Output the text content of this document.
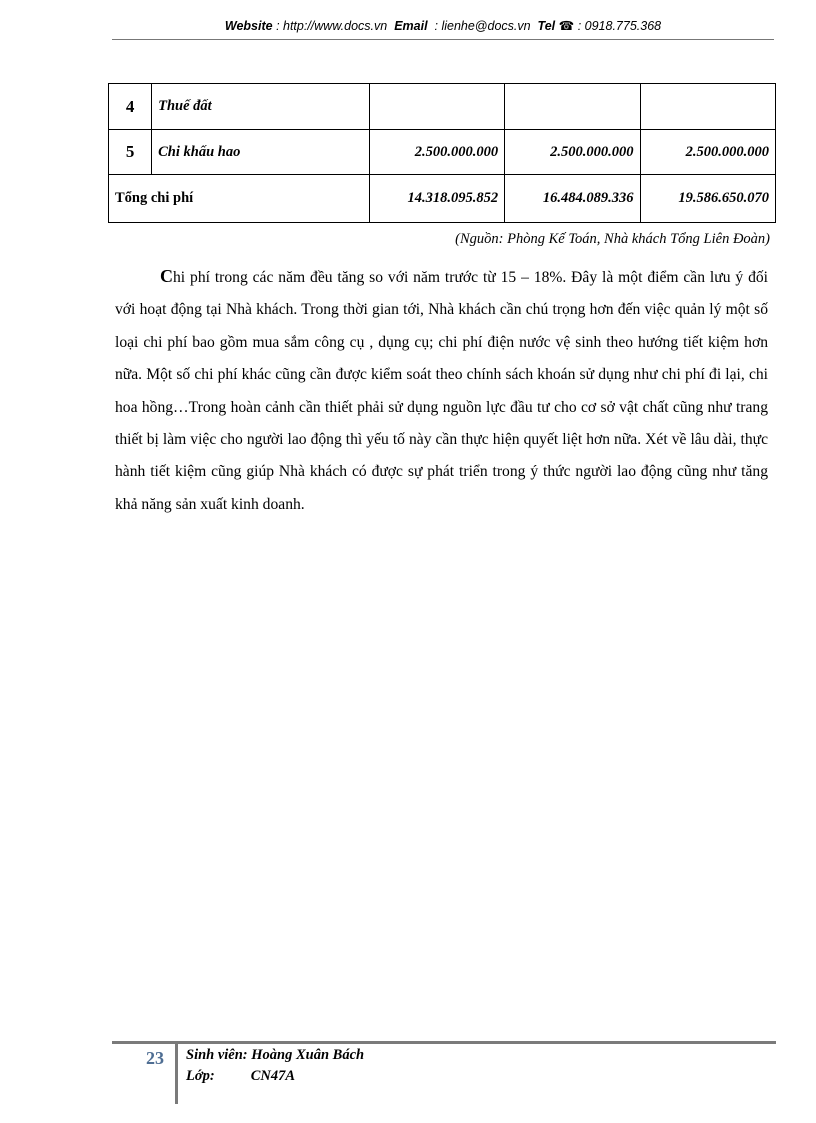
Website : http://www.docs.vn Email : lienhe@docs.vn Tel ☎ : 0918.775.368
4	Thuế đất			
5	Chi khấu hao	2.500.000.000	2.500.000.000	2.500.000.000
Tổng chi phí		14.318.095.852	16.484.089.336	19.586.650.070
(Nguồn: Phòng Kế Toán, Nhà khách Tổng Liên Đoàn)

Chi phí trong các năm đều tăng so với năm trước từ 15 – 18%. Đây là một điểm cần lưu ý đối với hoạt động tại Nhà khách. Trong thời gian tới, Nhà khách cần chú trọng hơn đến việc quản lý một số loại chi phí bao gồm mua sắm công cụ , dụng cụ; chi phí điện nước vệ sinh theo hướng tiết kiệm hơn nữa. Một số chi phí khác cũng cần được kiểm soát theo chính sách khoán sử dụng như chi phí đi lại, chi hoa hồng…Trong hoàn cảnh cần thiết phải sử dụng nguồn lực đầu tư cho cơ sở vật chất cũng như trang thiết bị làm việc cho người lao động thì yếu tố này cần thực hiện quyết liệt hơn nữa. Xét về lâu dài, thực hành tiết kiệm cũng giúp Nhà khách có được sự phát triển trong ý thức người lao động cũng như tăng khả năng sản xuất kinh doanh.

23 Sinh viên: Hoàng Xuân Bách
Lớp: CN47A
